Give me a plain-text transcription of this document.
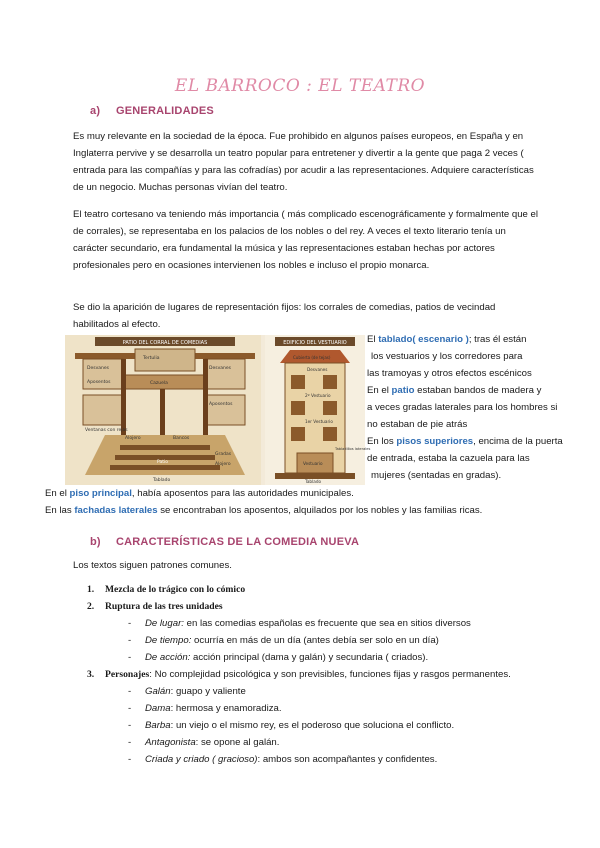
EL BARROCO : EL TEATRO
a) GENERALIDADES

Es muy relevante en la sociedad de la época. Fue prohibido en algunos países europeos, en España y en Inglaterra pervive y se desarrolla un teatro popular para entretener y divertir a la gente que paga 2 veces ( entrada para las compañías y para las cofradías) por acudir a las representaciones. Adquiere características de un negocio. Muchas personas vivían del teatro.

El teatro cortesano va teniendo más importancia ( más complicado escenográficamente y formalmente que el de corrales), se representaba en los palacios de los nobles o del rey. A veces el texto literario tenía un carácter secundario, era fundamental la música y las representaciones estaban hechas por actores profesionales pero en ocasiones intervienen los nobles e incluso el propio monarca.

Se dio la aparición de lugares de representación fijos: los corrales de comedias, patios de vecindad habilitados al efecto.

PATIO DEL CORRAL DE COMEDIAS
Tertulia
Desvanes
Aposentos	Cazuela
Desvanes
Aposentos
Ventanas con rejas
Alojero	Bancos
Patio
Tablado
Gradas
Alojero
EDIFICIO DEL VESTUARIO
Cubierta (de tejas)
Desvanes
2º Vestuario
1er Vestuario
Tablado
Vestuario
Tabladillos laterales

El tablado( escenario ); tras él están

los vestuarios y los corredores para

las tramoyas y otros efectos escénicos

En el patio estaban bandos de madera y

a veces gradas laterales para los hombres si

no estaban de pie atrás

En los pisos superiores, encima de la puerta

de entrada, estaba la cazuela para las

mujeres (sentadas en gradas).

En el piso principal, había aposentos para las autoridades municipales.
En las fachadas laterales se encontraban los aposentos, alquilados por los nobles y las familias ricas.
b) CARACTERÍSTICAS DE LA COMEDIA NUEVA

Los textos siguen patrones comunes.

1. Mezcla de lo trágico con lo cómico
2. Ruptura de las tres unidades
- De lugar: en las comedias españolas es frecuente que sea en sitios diversos
- De tiempo: ocurría en más de un día (antes debía ser solo en un día)
- De acción: acción principal (dama y galán) y secundaria ( criados).
3. Personajes: No complejidad psicológica y son previsibles, funciones fijas y rasgos permanentes.
- Galán: guapo y valiente
- Dama: hermosa y enamoradiza.
- Barba: un viejo o el mismo rey, es el poderoso que soluciona el conflicto.
- Antagonista: se opone al galán.
- Criada y criado ( gracioso): ambos son acompañantes y confidentes.
